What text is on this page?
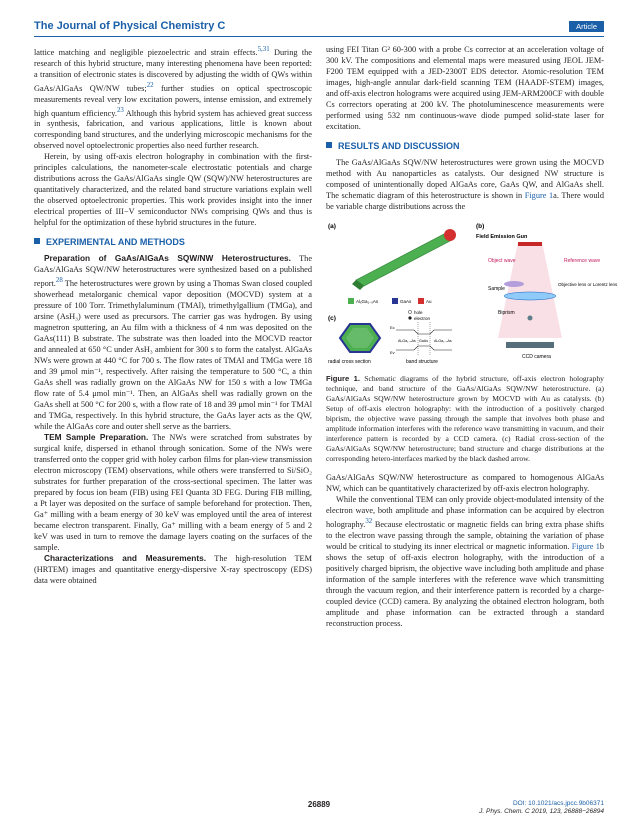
The Journal of Physical Chemistry C	Article

lattice matching and negligible piezoelectric and strain effects.$^{5,31}$ During the research of this hybrid structure, many interesting phenomena have been reported: a transition of electronic states is discovered by adjusting the width of QWs within GaAs/AlGaAs QW/NW tubes;$^{22}$ further studies on optical spectroscopic measurements reveal very low excitation powers, intense emission, and extremely high quantum efficiency.$^{23}$ Although this hybrid system has achieved great success in synthesis, fabrication, and various applications, little is known about corresponding band structures, and the underlying microscopic mechanisms for the observed novel optoelectronic properties also need further research.

Herein, by using off-axis electron holography in combination with the first-principles calculations, the nanometer-scale electrostatic potentials and charge distributions across the GaAs/AlGaAs single QW (SQW)/NW heterostructures are quantitatively characterized, and the related band structure variations explain well the observed optoelectronic properties. This work provides insight into the inner electrical properties of III−V semiconductor NWs comprising QWs and thus is helpful for the optimization of these hybrid structures in the future.

EXPERIMENTAL AND METHODS

Preparation of GaAs/AlGaAs SQW/NW Heterostructures. The GaAs/AlGaAs SQW/NW heterostructures were synthesized based on a published report.$^{28}$ The heterostructures were grown by using a Thomas Swan closed coupled showerhead metalorganic chemical vapor deposition (MOCVD) system at a pressure of 100 Torr. Trimethylaluminum (TMAl), trimethylgallium (TMGa), and arsine (AsH₃) were used as precursors. The carrier gas was hydrogen. By using magnetron sputtering, an Au film with a thickness of 4 nm was deposited on the GaAs(111) B substrate. The substrate was then loaded into the MOCVD reactor and annealed at 650 °C under AsH₃ ambient for 300 s to form the catalyst. AlGaAs NWs were grown at 440 °C for 700 s. The flow rates of TMAl and TMGa were 18 and 39 μmol min⁻¹, respectively. After raising the temperature to 500 °C, a thin GaAs shell was radially grown on the AlGaAs NW for 150 s with a low TMGa flow rate of 5.4 μmol min⁻¹. Then, an AlGaAs shell was radially grown on the GaAs shell at 500 °C for 200 s, with a flow rate of 18 and 39 μmol min⁻¹ for TMAl and TMGa, respectively. In this hybrid structure, the GaAs layer acts as the QW, while the AlGaAs core and outer shell serve as the barriers.

TEM Sample Preparation. The NWs were scratched from substrates by surgical knife, dispersed in ethanol through sonication. Some of the NWs were transferred onto the copper grid with holey carbon films for plan-view transmission electron microscopy (TEM) observations, while others were transferred to Si/SiO₂ substrates for further preparation of the cross-sectional specimen. The latter was prepared by focus ion beam (FIB) using FEI Quanta 3D FEG. During FIB milling, a Pt layer was deposited on the surface of sample beforehand for protection. Then, Ga⁺ milling with a beam energy of 30 keV was employed until the area of interest became electron transparent. Finally, Ga⁺ milling with a beam energy of 5 and 2 keV was used in turn to remove the damage layers coating on the surfaces of the sample.

Characterizations and Measurements. The high-resolution TEM (HRTEM) images and quantitative energy-dispersive X-ray spectroscopy (EDS) data were obtained

using FEI Titan G² 60-300 with a probe Cs corrector at an acceleration voltage of 300 kV. The compositions and elemental maps were measured using JEOL JEM-F200 TEM equipped with a JED-2300T EDS detector. Atomic-resolution TEM images, high-angle annular dark-field scanning TEM (HAADF-STEM) images, and off-axis electron holograms were acquired using JEM-ARM200CF with double Cs correctors operating at 200 kV. The photoluminescence measurements were performed using 532 nm continuous-wave diode pumped solid-state laser for excitation.

RESULTS AND DISCUSSION

The GaAs/AlGaAs SQW/NW heterostructures were grown using the MOCVD method with Au nanoparticles as catalysts. Our designed NW structure is composed of unintentionally doped AlGaAs core, GaAs QW, and AlGaAs shell. The schematic diagram of this heterostructure is shown in Figure 1a. There would be variable charge distributions across the

(a)
AlₓGa₁₋ₓAs	GaAs	Au
(b)
Field Emission Gun
Object wave	Reference wave
Sample
Objective lens or Lorentz lens
Biprism
CCD camera
(c)
radial cross section
Ec
Ev
AlₓGa₁₋ₓAs GaAs AlₓGa₁₋ₓAs
band structure
hole
electron
Figure 1. Schematic diagrams of the hybrid structure, off-axis electron holography technique, and band structure of the GaAs/AlGaAs SQW/NW heterostructure. (a) GaAs/AlGaAs SQW/NW heterostructure grown by MOCVD with Au as catalysts. (b) Setup of off-axis electron holography: with the introduction of a positively charged biprism, the objective wave passing through the sample that involves both phase and amplitude information interferes with the reference wave transmitting in vacuum, and their interference pattern is recorded by a CCD camera. (c) Radial cross-section of the GaAs/AlGaAs SQW/NW heterostructure; band structure and charge distributions at the corresponding hetero-interfaces marked by the black dashed arrow.

GaAs/AlGaAs SQW/NW heterostructure as compared to homogenous AlGaAs NW, which can be quantitatively characterized by off-axis electron holography.

While the conventional TEM can only provide object-modulated intensity of the electron wave, both amplitude and phase information can be acquired by electron holography.$^{32}$ Because electrostatic or magnetic fields can bring extra phase shifts to the electron wave passing through the sample, obtaining the variation of phase would be critical to studying its inner electrical or magnetic information. Figure 1b shows the setup of off-axis electron holography, with the introduction of a positively charged biprism, the objective wave including both amplitude and phase information of the sample interferes with the reference wave which transmitting through the vacuum region, and their interference pattern is recorded by a charge-coupled device (CCD) camera. By analyzing the obtained electron hologram, both amplitude and phase information can be extracted through a standard reconstruction process.

26889	DOI: 10.1021/acs.jpcc.9b06371
J. Phys. Chem. C 2019, 123, 26888−26894
